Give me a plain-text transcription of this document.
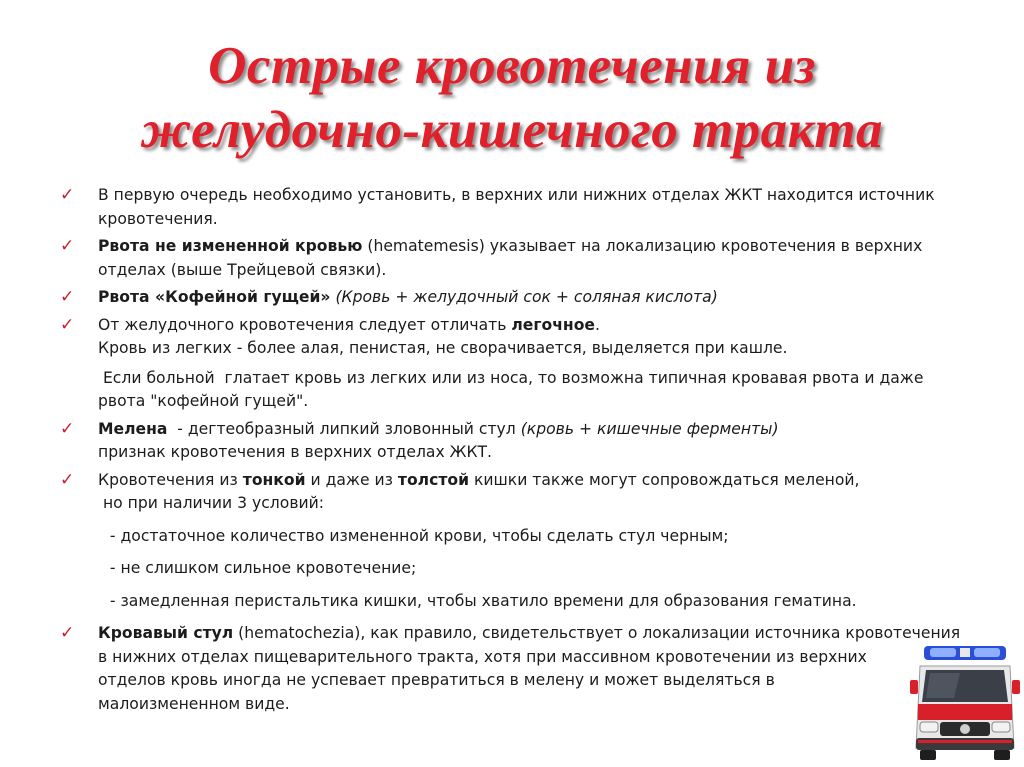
Острые кровотечения из
желудочно-кишечного тракта
✓ В первую очередь необходимо установить, в верхних или нижних отделах ЖКТ находится источник
кровотечения.
✓ Рвота не измененной кровью (hematemesis) указывает на локализацию кровотечения в верхних
отделах (выше Трейцевой связки).
✓ Рвота «Кофейной гущей» (Кровь + желудочный сок + соляная кислота)
✓ От желудочного кровотечения следует отличать легочное.
Кровь из легких - более алая, пенистая, не сворачивается, выделяется при кашле.
Если больной  глатает кровь из легких или из носа, то возможна типичная кровавая рвота и даже
рвота "кофейной гущей".
✓ Мелена  - дегтеобразный липкий зловонный стул (кровь + кишечные ферменты)
признак кровотечения в верхних отделах ЖКТ.
✓ Кровотечения из тонкой и даже из толстой кишки также могут сопровождаться меленой,
но при наличии 3 условий:
- достаточное количество измененной крови, чтобы сделать стул черным;
- не слишком сильное кровотечение;
- замедленная перистальтика кишки, чтобы хватило времени для образования гематина.
✓ Кровавый стул (hematochezia), как правило, свидетельствует о локализации источника кровотечения
в нижних отделах пищеварительного тракта, хотя при массивном кровотечении из верхних
отделов кровь иногда не успевает превратиться в мелену и может выделяться в
малоизмененном виде.
